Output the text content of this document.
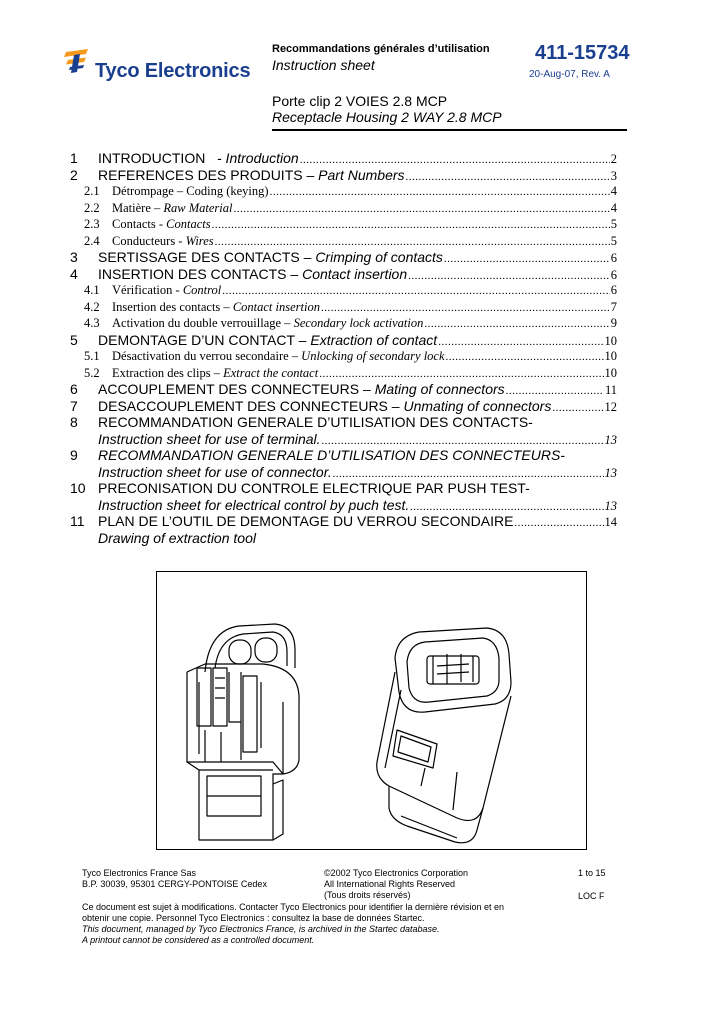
Tyco Electronics
Recommandations générales d’utilisation
Instruction sheet
411-15734
20-Aug-07, Rev. A
Porte clip 2 VOIES 2.8 MCP
Receptacle Housing 2 WAY 2.8 MCP
1	INTRODUCTION - Introduction .....	2
2	REFERENCES DES PRODUITS – Part Numbers .....	3
2.1 Détrompage – Coding (keying) .....	4
2.2 Matière – Raw Material .....	4
2.3 Contacts - Contacts .....	5
2.4 Conducteurs - Wires .....	5
3	SERTISSAGE DES CONTACTS – Crimping of contacts .....	6
4	INSERTION DES CONTACTS – Contact insertion .....	6
4.1 Vérification - Control .....	6
4.2 Insertion des contacts – Contact insertion .....	7
4.3 Activation du double verrouillage – Secondary lock activation .....	9
5	DEMONTAGE D’UN CONTACT – Extraction of contact .....	10
5.1 Désactivation du verrou secondaire – Unlocking of secondary lock .....	10
5.2 Extraction des clips – Extract the contact .....	10
6	ACCOUPLEMENT DES CONNECTEURS – Mating of connectors .....	11
7	DESACCOUPLEMENT DES CONNECTEURS – Unmating of connectors .....	12
8	RECOMMANDATION GENERALE D’UTILISATION DES CONTACTS-
Instruction sheet for use of terminal. .....	13
9	RECOMMANDATION GENERALE D’UTILISATION DES CONNECTEURS-
Instruction sheet for use of connector. .....	13
10 PRECONISATION DU CONTROLE ELECTRIQUE PAR PUSH TEST-
Instruction sheet for electrical control by puch test. .....	13
11 PLAN DE L’OUTIL DE DEMONTAGE DU VERROU SECONDAIRE .....	14
Drawing of extraction tool
Tyco Electronics France Sas
B.P. 30039, 95301 CERGY-PONTOISE Cedex
©2002 Tyco Electronics Corporation
All International Rights Reserved
(Tous droits réservés)
1 to 15
LOC F
Ce document est sujet à modifications. Contacter Tyco Electronics pour identifier la dernière révision et en
obtenir une copie. Personnel Tyco Electronics : consultez la base de données Startec.
This document, managed by Tyco Electronics France, is archived in the Startec database.
A printout cannot be considered as a controlled document.
